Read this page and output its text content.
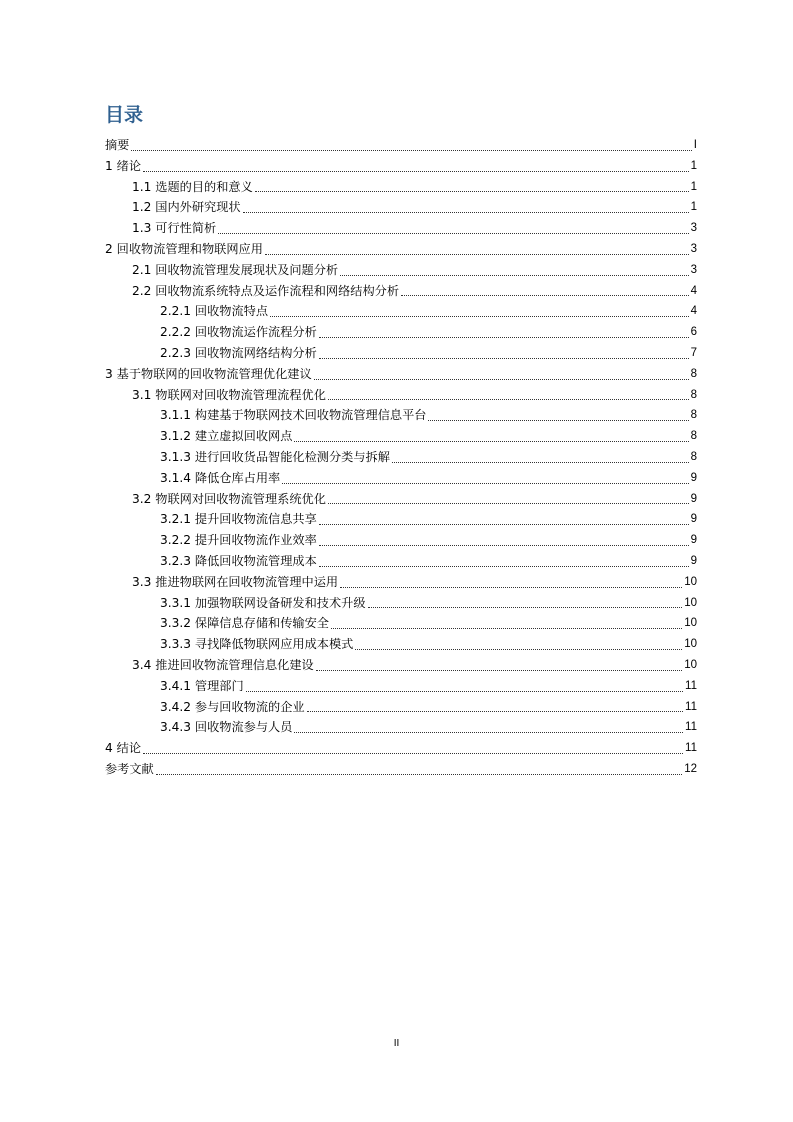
目录
摘要	I
1 绪论	1
1.1 选题的目的和意义	1
1.2 国内外研究现状	1
1.3 可行性简析	3
2 回收物流管理和物联网应用	3
2.1 回收物流管理发展现状及问题分析	3
2.2 回收物流系统特点及运作流程和网络结构分析	4
2.2.1 回收物流特点	4
2.2.2 回收物流运作流程分析	6
2.2.3 回收物流网络结构分析	7
3 基于物联网的回收物流管理优化建议	8
3.1 物联网对回收物流管理流程优化	8
3.1.1 构建基于物联网技术回收物流管理信息平台	8
3.1.2 建立虚拟回收网点	8
3.1.3 进行回收货品智能化检测分类与拆解	8
3.1.4 降低仓库占用率	9
3.2 物联网对回收物流管理系统优化	9
3.2.1 提升回收物流信息共享	9
3.2.2 提升回收物流作业效率	9
3.2.3 降低回收物流管理成本	9
3.3 推进物联网在回收物流管理中运用	10
3.3.1 加强物联网设备研发和技术升级	10
3.3.2 保障信息存储和传输安全	10
3.3.3 寻找降低物联网应用成本模式	10
3.4 推进回收物流管理信息化建设	10
3.4.1 管理部门	11
3.4.2 参与回收物流的企业	11
3.4.3 回收物流参与人员	11
4 结论	11
参考文献	12
II
